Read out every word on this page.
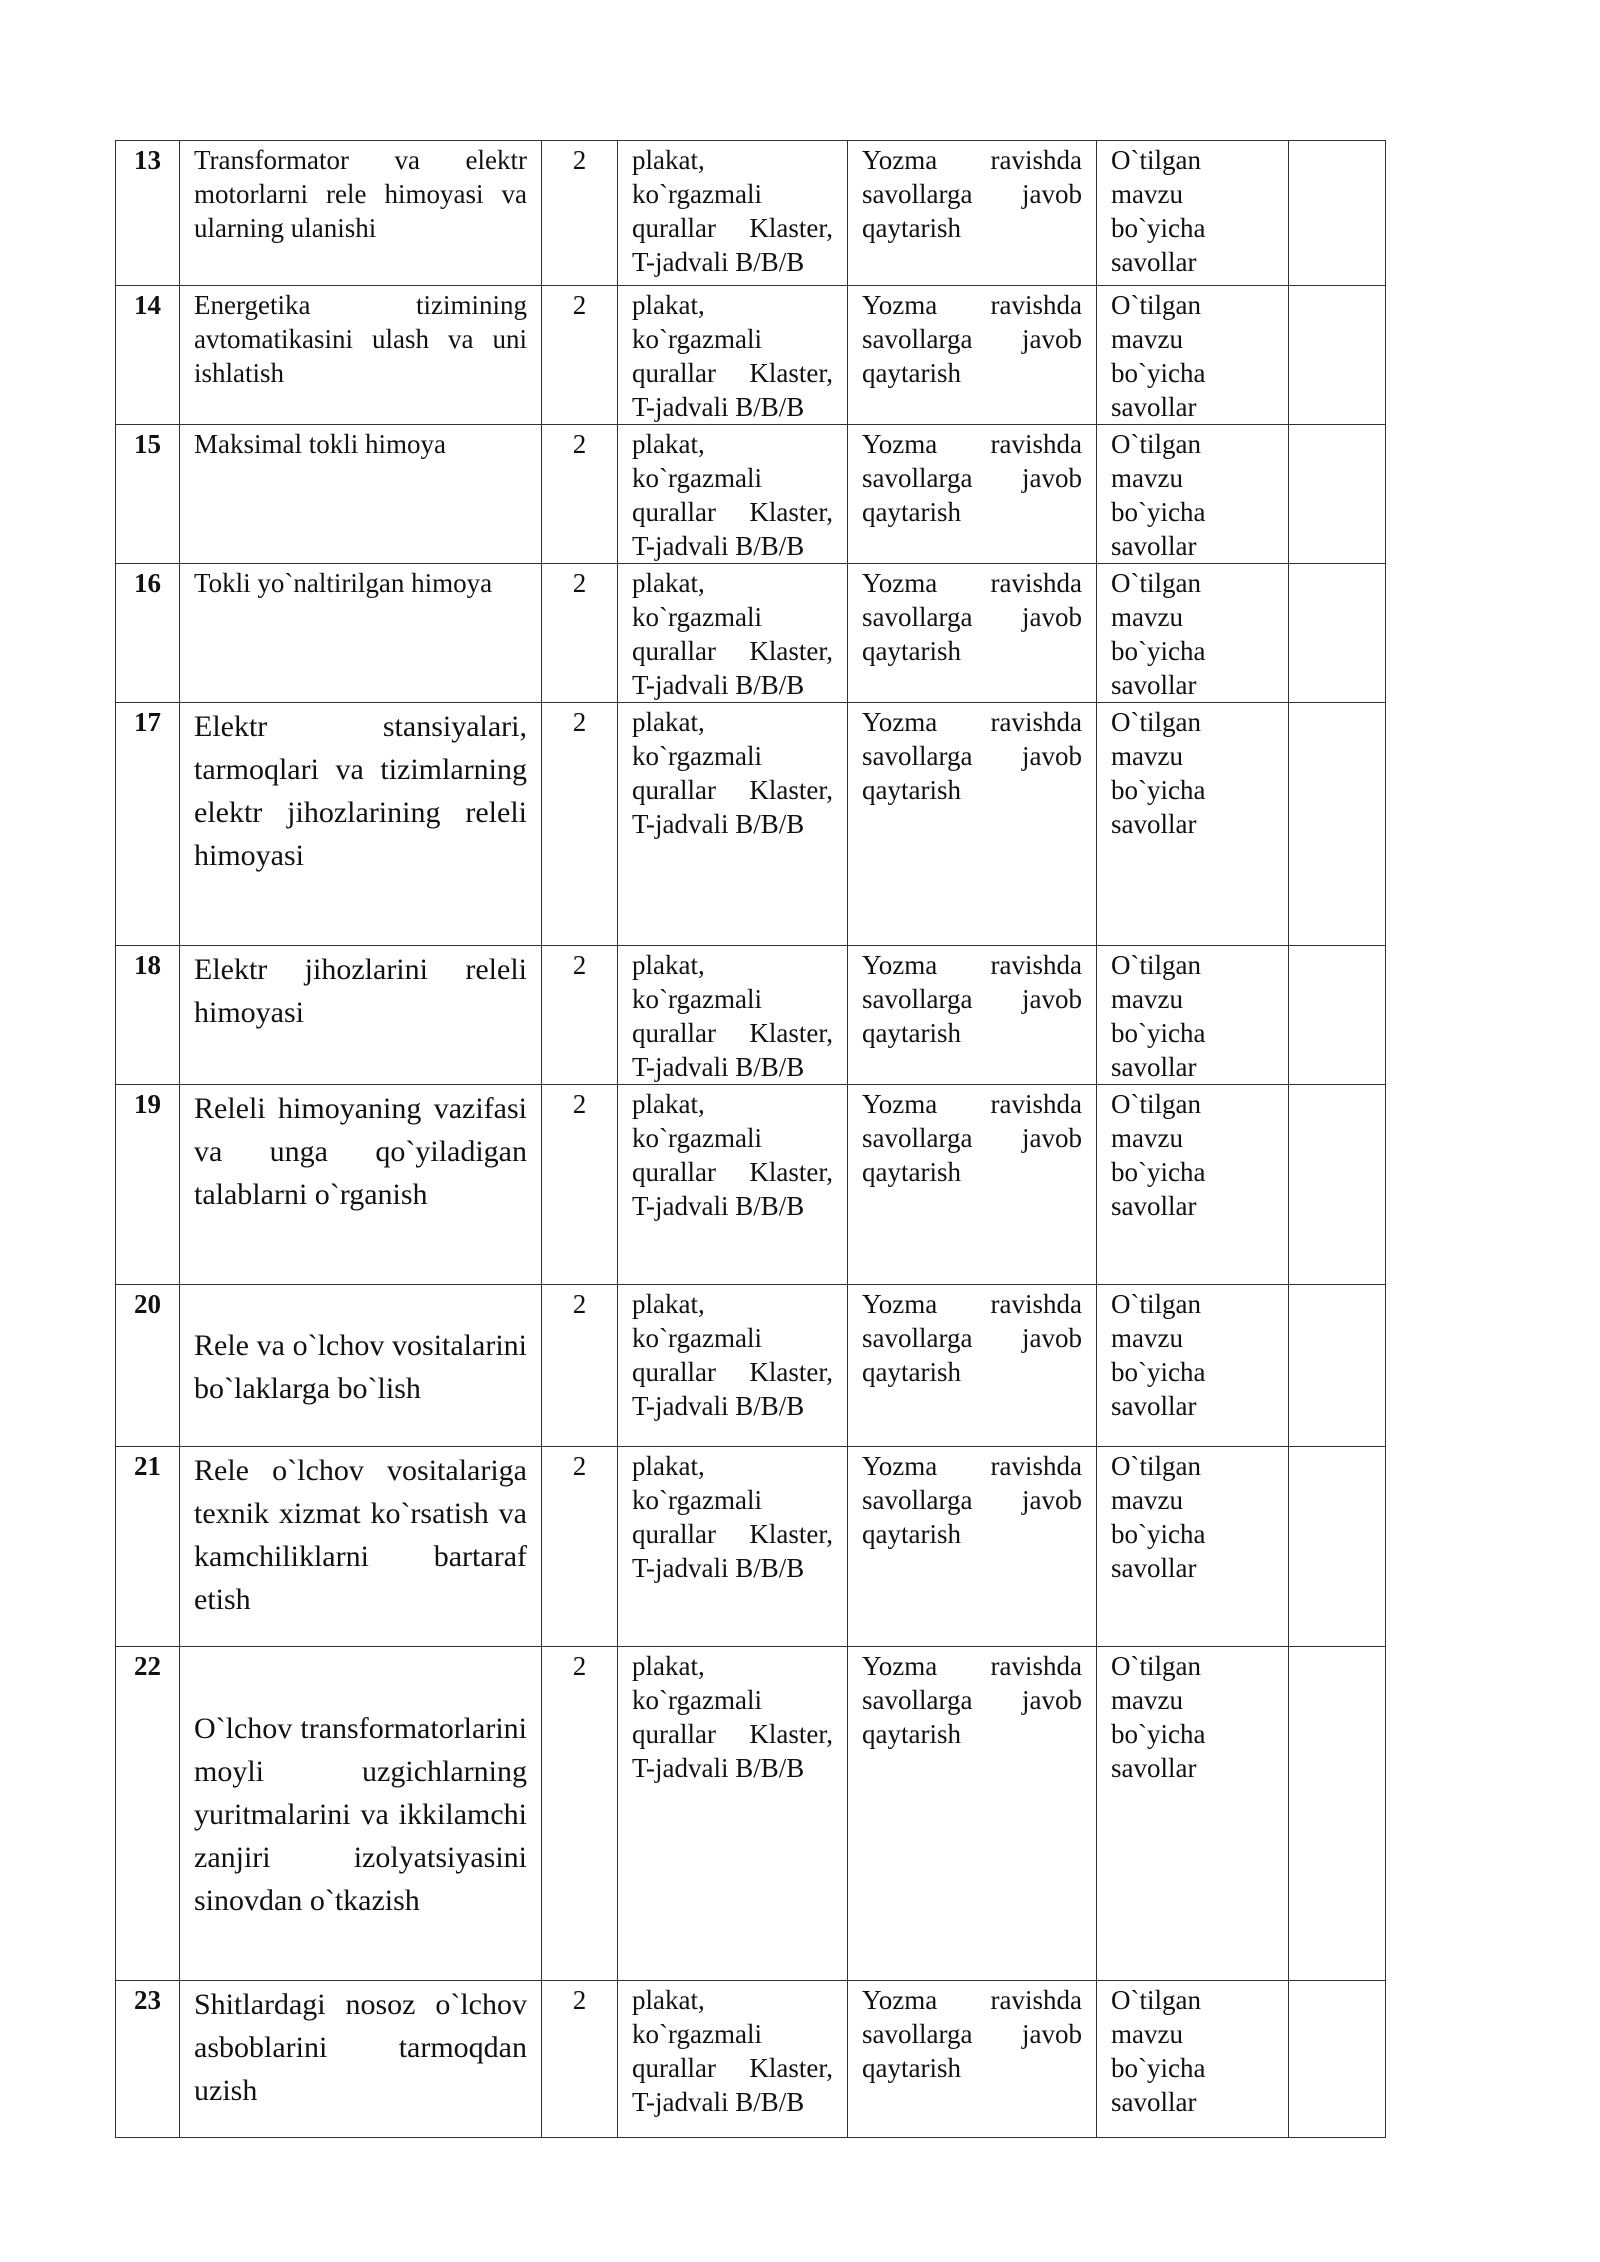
13	Transformator va elektr motorlarni rele himoyasi va ularning ulanishi	2	plakat, ko`rgazmali qurallar Klaster, T-jadvali B/B/B	Yozma ravishda savollarga javob qaytarish	O`tilgan mavzu bo`yicha savollar	
14	Energetika tizimining avtomatikasini ulash va uni ishlatish	2	plakat, ko`rgazmali qurallar Klaster, T-jadvali B/B/B	Yozma ravishda savollarga javob qaytarish	O`tilgan mavzu bo`yicha savollar	
15	Maksimal tokli himoya	2	plakat, ko`rgazmali qurallar Klaster, T-jadvali B/B/B	Yozma ravishda savollarga javob qaytarish	O`tilgan mavzu bo`yicha savollar	
16	Tokli yo`naltirilgan himoya	2	plakat, ko`rgazmali qurallar Klaster, T-jadvali B/B/B	Yozma ravishda savollarga javob qaytarish	O`tilgan mavzu bo`yicha savollar	
17	Elektr stansiyalari, tarmoqlari va tizimlarning elektr jihozlarining releli himoyasi	2	plakat, ko`rgazmali qurallar Klaster, T-jadvali B/B/B	Yozma ravishda savollarga javob qaytarish	O`tilgan mavzu bo`yicha savollar	
18	Elektr jihozlarini releli himoyasi	2	plakat, ko`rgazmali qurallar Klaster, T-jadvali B/B/B	Yozma ravishda savollarga javob qaytarish	O`tilgan mavzu bo`yicha savollar	
19	Releli himoyaning vazifasi va unga qo`yiladigan talablarni o`rganish	2	plakat, ko`rgazmali qurallar Klaster, T-jadvali B/B/B	Yozma ravishda savollarga javob qaytarish	O`tilgan mavzu bo`yicha savollar	
20	Rele va o`lchov vositalarini bo`laklarga bo`lish	2	plakat, ko`rgazmali qurallar Klaster, T-jadvali B/B/B	Yozma ravishda savollarga javob qaytarish	O`tilgan mavzu bo`yicha savollar	
21	Rele o`lchov vositalariga texnik xizmat ko`rsatish va kamchiliklarni bartaraf etish	2	plakat, ko`rgazmali qurallar Klaster, T-jadvali B/B/B	Yozma ravishda savollarga javob qaytarish	O`tilgan mavzu bo`yicha savollar	
22	O`lchov transformatorlarini moyli uzgichlarning yuritmalarini va ikkilamchi zanjiri izolyatsiyasini sinovdan o`tkazish	2	plakat, ko`rgazmali qurallar Klaster, T-jadvali B/B/B	Yozma ravishda savollarga javob qaytarish	O`tilgan mavzu bo`yicha savollar	
23	Shitlardagi nosoz o`lchov asboblarini tarmoqdan uzish	2	plakat, ko`rgazmali qurallar Klaster, T-jadvali B/B/B	Yozma ravishda savollarga javob qaytarish	O`tilgan mavzu bo`yicha savollar	
